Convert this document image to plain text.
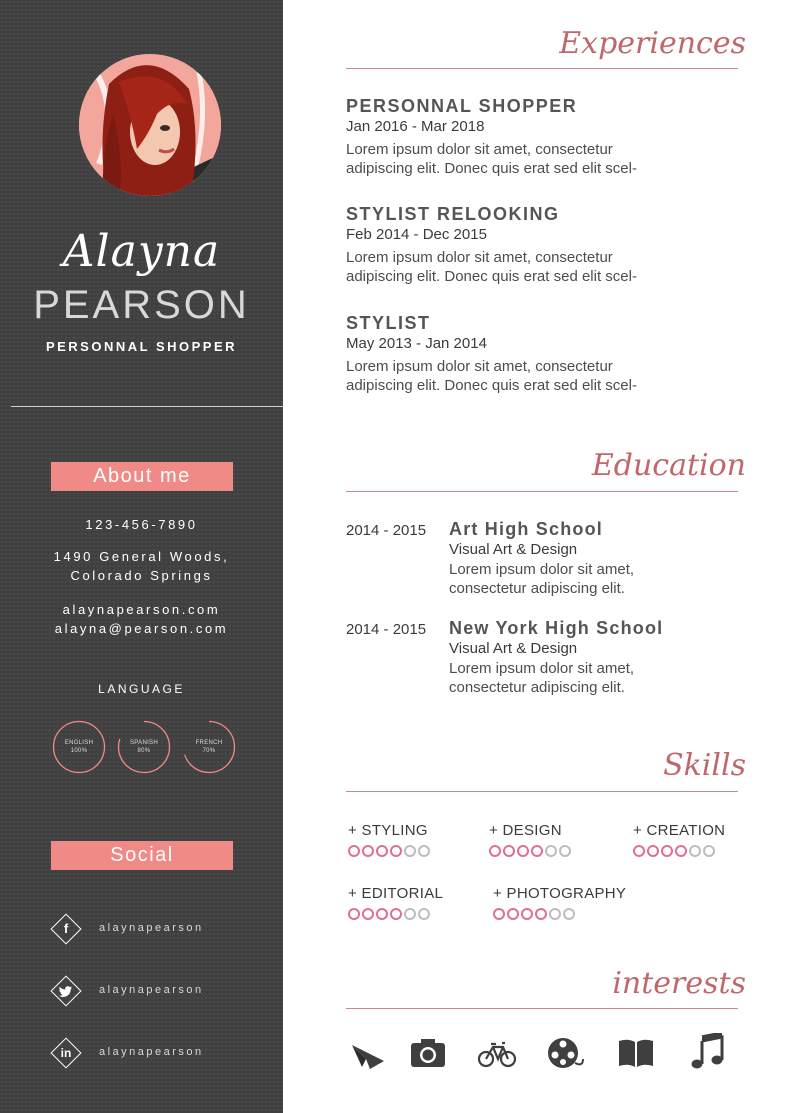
Alayna
PEARSON
PERSONNAL SHOPPER
About me
123-456-7890
1490 General Woods,
Colorado Springs
alaynapearson.com
alayna@pearson.com
LANGUAGE
ENGLISH
100%
SPANISH
80%
FRENCH
70%
Social
f	alaynapearson
alaynapearson
in	alaynapearson
Experiences
PERSONNAL SHOPPER
Jan 2016 - Mar 2018
Lorem ipsum dolor sit amet, consectetur
adipiscing elit. Donec quis erat sed elit scel-
STYLIST RELOOKING
Feb 2014 - Dec 2015
Lorem ipsum dolor sit amet, consectetur
adipiscing elit. Donec quis erat sed elit scel-
STYLIST
May 2013 - Jan 2014
Lorem ipsum dolor sit amet, consectetur
adipiscing elit. Donec quis erat sed elit scel-
Education
2014 - 2015 Art High School
Visual Art & Design
Lorem ipsum dolor sit amet,
consectetur adipiscing elit.
2014 - 2015 New York High School
Visual Art & Design
Lorem ipsum dolor sit amet,
consectetur adipiscing elit.
Skills
+ STYLING	+ DESIGN	+ CREATION
+ EDITORIAL	+ PHOTOGRAPHY
interests
